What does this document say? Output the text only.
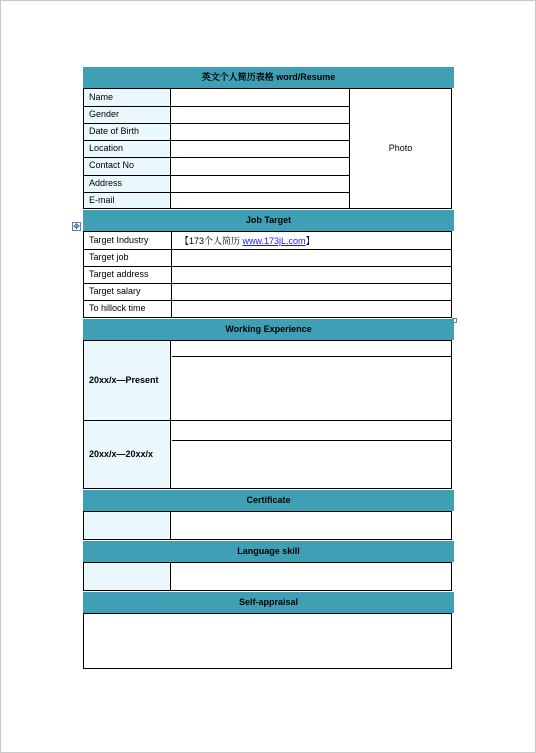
✥
英文个人简历表格 word/Resume
Photo
Name
Gender
Date of Birth
Location
Contact No
Address
E-mail
Job Target
Target Industry
Target job
Target address
Target salary
To hillock time
【173个人简历 www.173jL.com】
Working Experience
20xx/x—Present
20xx/x—20xx/x
Certificate
Language skill
Self-appraisal
